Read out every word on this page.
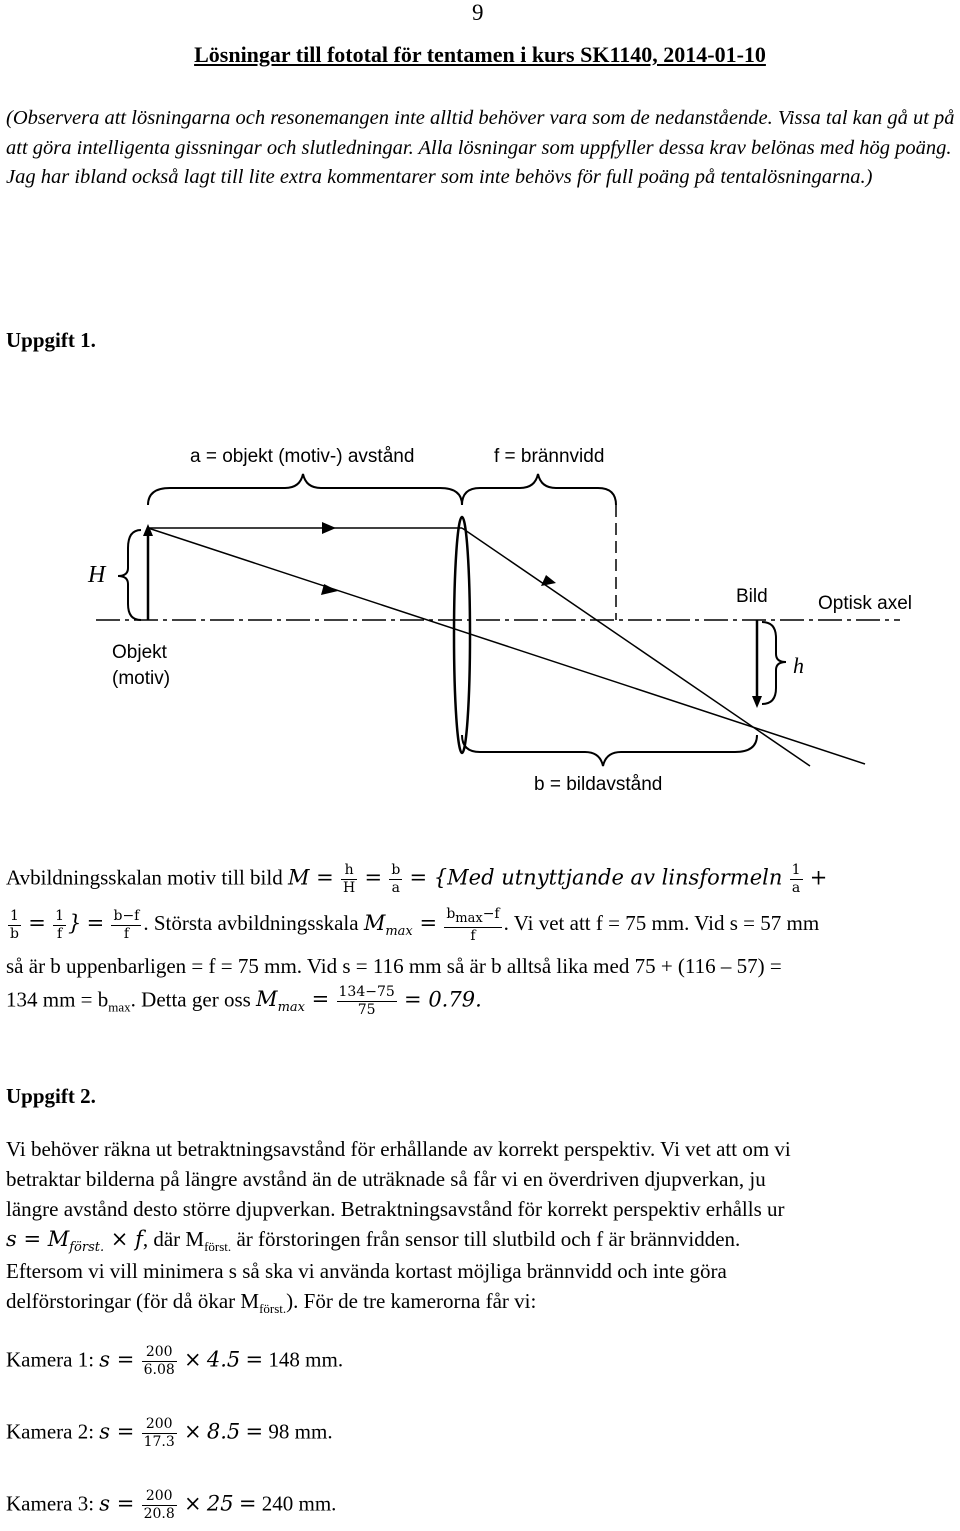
9
Lösningar till fototal för tentamen i kurs SK1140, 2014-01-10
(Observera att lösningarna och resonemangen inte alltid behöver vara som de nedanstående. Vissa tal kan gå ut på att göra intelligenta gissningar och slutledningar. Alla lösningar som uppfyller dessa krav belönas med hög poäng. Jag har ibland också lagt till lite extra kommentarer som inte behövs för full poäng på tentalösningarna.)
Uppgift 1.
a = objekt (motiv-) avstånd	f = brännvidd
H
Bild	Optisk axel
h
Objekt
(motiv)
b = bildavstånd
Avbildningsskalan motiv till bild $M = \frac{h}{H} = \frac{b}{a} = \{Med$ utnyttjande av linsformeln $\frac{1}{a}$ +
$\frac{1}{b} = \frac{1}{f}$ } = $\frac{b-f}{f}$ . Största avbildningsskala $M_{max} = \frac{b_{max}-f}{f}$ . Vi vet att f = 75 mm. Vid s = 57 mm
så är b uppenbarligen = f = 75 mm. Vid s = 116 mm så är b alltså lika med 75 + (116 – 57) =
134 mm = $b_{max}$. Detta ger oss $M_{max} = \frac{134-75}{75} = 0.79$.
Uppgift 2.
Vi behöver räkna ut betraktningsavstånd för erhållande av korrekt perspektiv. Vi vet att om vi
betraktar bilderna på längre avstånd än de uträknade så får vi en överdriven djupverkan, ju
längre avstånd desto större djupverkan. Betraktningsavstånd för korrekt perspektiv erhålls ur
$s = M_{först.} \times f$, där $M_{först.}$ är förstoringen från sensor till slutbild och f är brännvidden.
Eftersom vi vill minimera s så ska vi använda kortast möjliga brännvidd och inte göra
delförstoringar (för då ökar $M_{först.}$). För de tre kamerorna får vi:
Kamera 1: $s = \frac{200}{6.08} \times 4.5 = 148$ mm.
Kamera 2: $s = \frac{200}{17.3} \times 8.5 = 98$ mm.
Kamera 3: $s = \frac{200}{20.8} \times 25 = 240$ mm.
